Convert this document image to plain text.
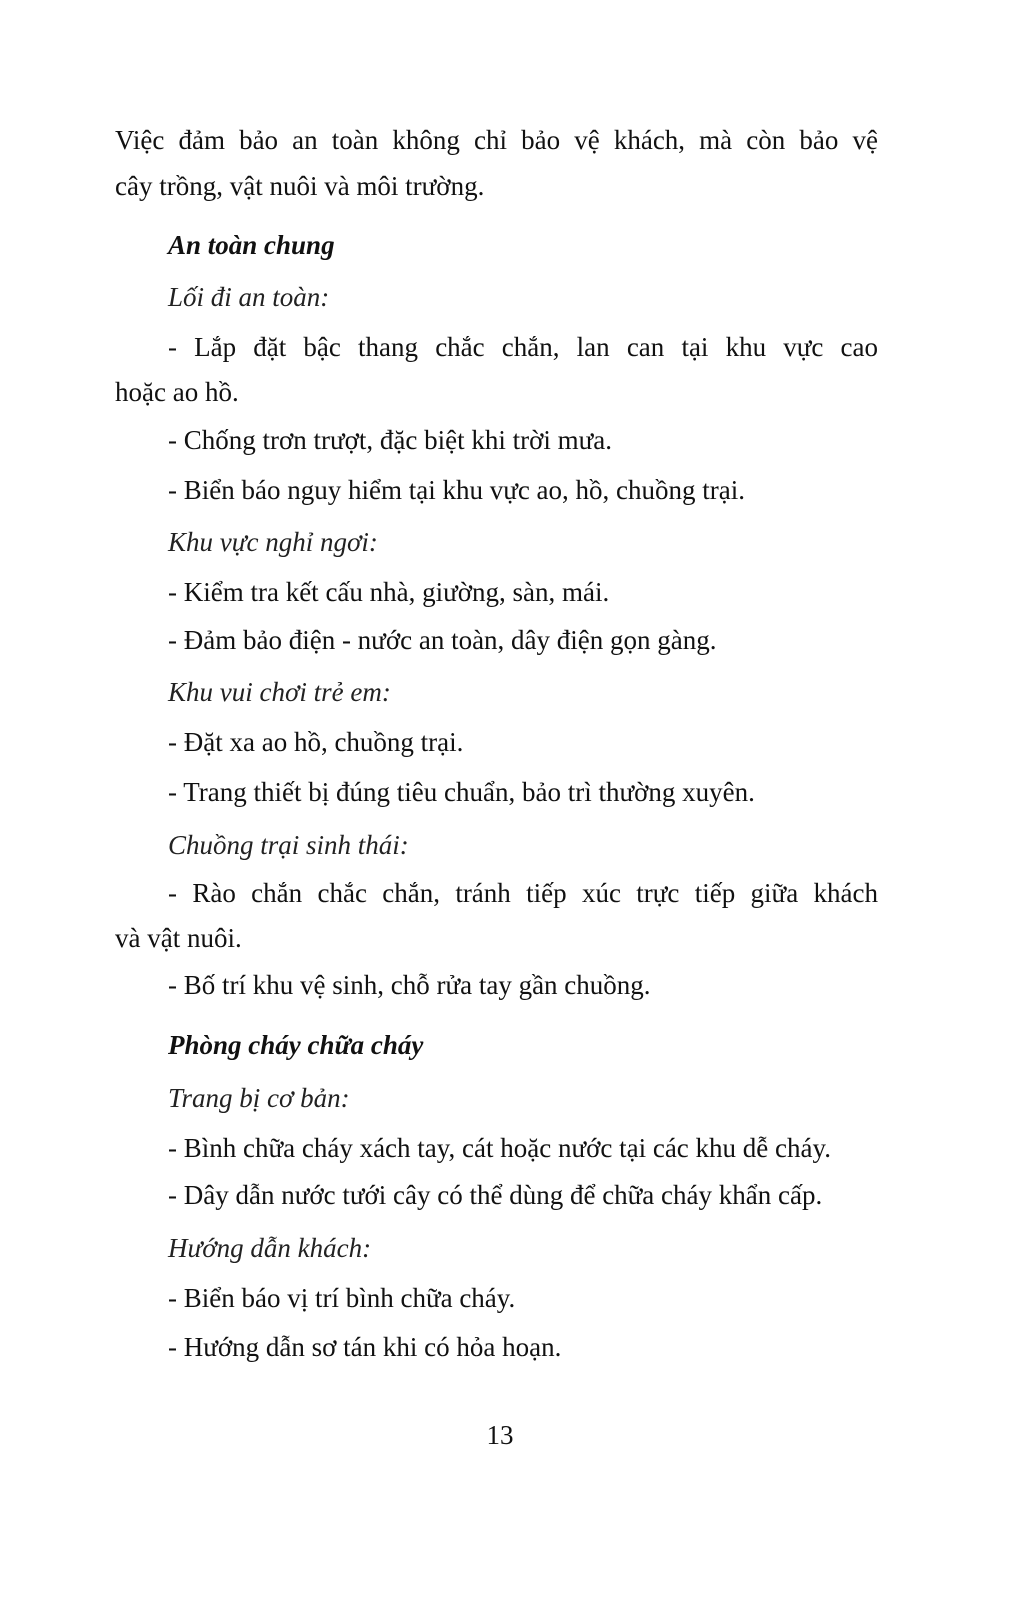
Việc đảm bảo an toàn không chỉ bảo vệ khách, mà còn bảo vệ
cây trồng, vật nuôi và môi trường.
An toàn chung
Lối đi an toàn:
- Lắp đặt bậc thang chắc chắn, lan can tại khu vực cao
hoặc ao hồ.
- Chống trơn trượt, đặc biệt khi trời mưa.
- Biển báo nguy hiểm tại khu vực ao, hồ, chuồng trại.
Khu vực nghỉ ngơi:
- Kiểm tra kết cấu nhà, giường, sàn, mái.
- Đảm bảo điện - nước an toàn, dây điện gọn gàng.
Khu vui chơi trẻ em:
- Đặt xa ao hồ, chuồng trại.
- Trang thiết bị đúng tiêu chuẩn, bảo trì thường xuyên.
Chuồng trại sinh thái:
- Rào chắn chắc chắn, tránh tiếp xúc trực tiếp giữa khách
và vật nuôi.
- Bố trí khu vệ sinh, chỗ rửa tay gần chuồng.
Phòng cháy chữa cháy
Trang bị cơ bản:
- Bình chữa cháy xách tay, cát hoặc nước tại các khu dễ cháy.
- Dây dẫn nước tưới cây có thể dùng để chữa cháy khẩn cấp.
Hướng dẫn khách:
- Biển báo vị trí bình chữa cháy.
- Hướng dẫn sơ tán khi có hỏa hoạn.
13
